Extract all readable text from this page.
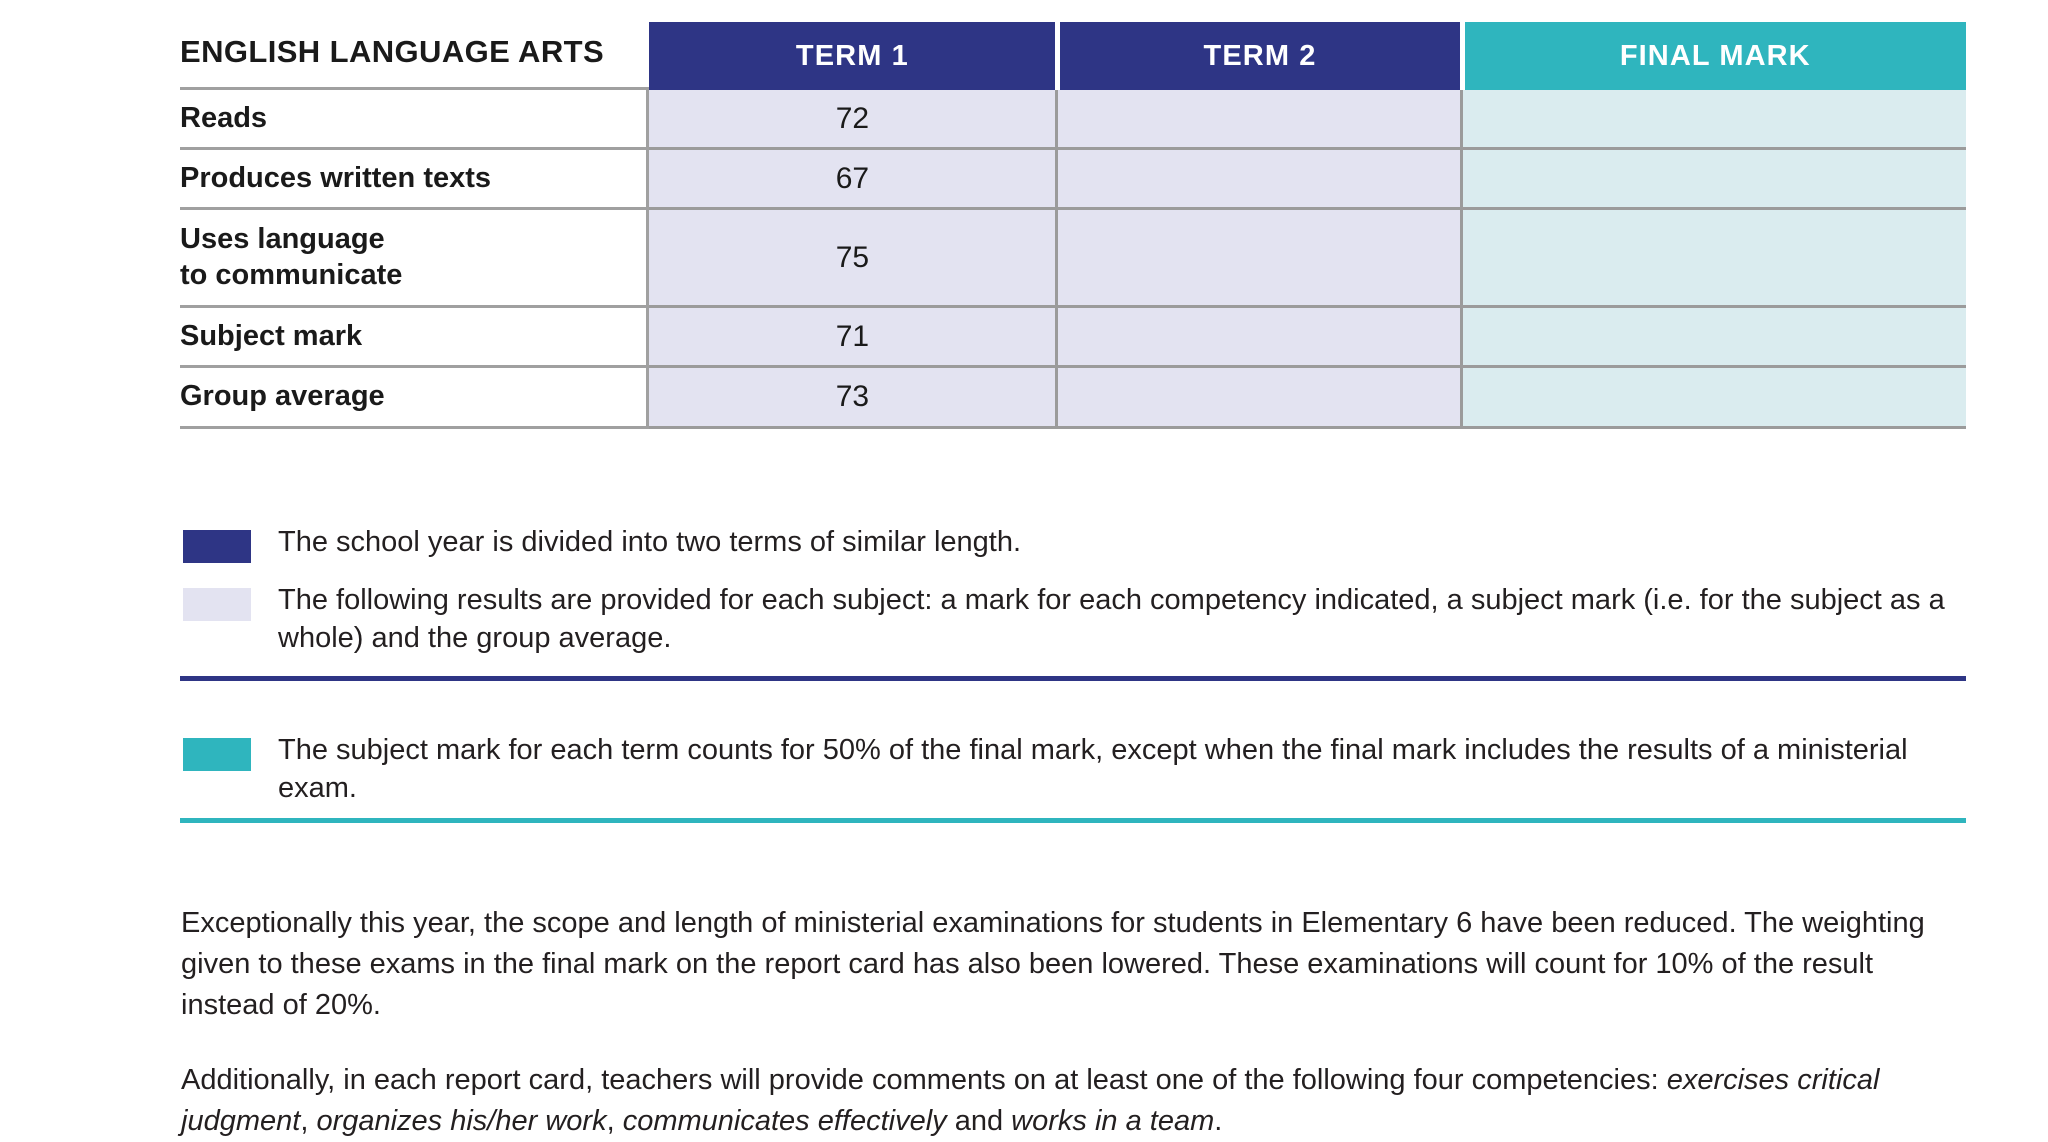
ENGLISH LANGUAGE ARTS	TERM 1	TERM 2	FINAL MARK
Reads	72		
Produces written texts	67		
Uses language
to communicate	75		
Subject mark	71		
Group average	73		
The school year is divided into two terms of similar length.
The following results are provided for each subject: a mark for each competency indicated, a subject mark (i.e. for the subject as a whole) and the group average.
The subject mark for each term counts for 50% of the final mark, except when the final mark includes the results of a ministerial exam.

Exceptionally this year, the scope and length of ministerial examinations for students in Elementary 6 have been reduced. The weighting given to these exams in the final mark on the report card has also been lowered. These examinations will count for 10% of the result instead of 20%.

Additionally, in each report card, teachers will provide comments on at least one of the following four competencies: exercises critical judgment, organizes his/her work, communicates effectively and works in a team.
